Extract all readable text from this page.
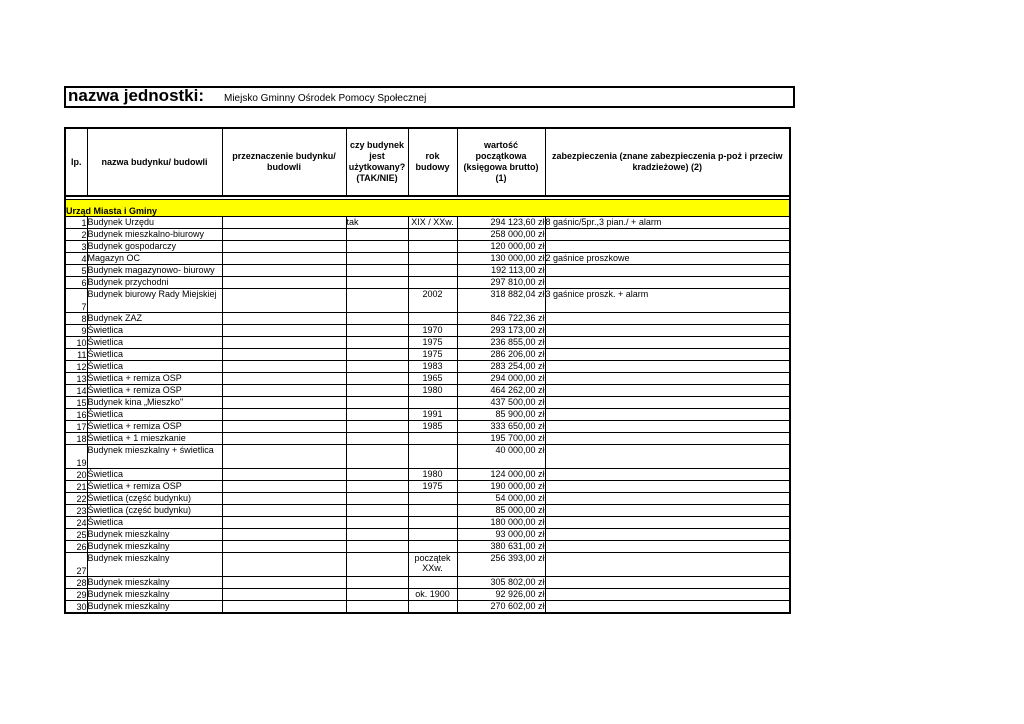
nazwa jednostki: Miejsko Gminny Ośrodek Pomocy Społecznej
lp.	nazwa budynku/ budowli	przeznaczenie budynku/ budowli	czy budynek jest użytkowany? (TAK/NIE)	rok budowy	wartość początkowa (księgowa brutto) (1)	zabezpieczenia (znane zabezpieczenia p-poż i przeciw kradzieżowe) (2)

Urząd Miasta i Gminy						
1	Budynek Urzędu		tak	XIX / XXw.	294 123,60 zł	8 gaśnic/5pr.,3 pian./ + alarm
2	Budynek mieszkalno-biurowy				258 000,00 zł	
3	Budynek gospodarczy				120 000,00 zł	
4	Magazyn OC				130 000,00 zł	2 gaśnice proszkowe
5	Budynek magazynowo- biurowy				192 113,00 zł	
6	Budynek przychodni				297 810,00 zł	
7	Budynek biurowy Rady Miejskiej			2002	318 882,04 zł	3 gaśnice proszk. + alarm
8	Budynek ZAZ				846 722,36 zł	
9	Świetlica			1970	293 173,00 zł	
10	Świetlica			1975	236 855,00 zł	
11	Świetlica			1975	286 206,00 zł	
12	Świetlica			1983	283 254,00 zł	
13	Świetlica + remiza OSP			1965	294 000,00 zł	
14	Świetlica + remiza OSP			1980	464 262,00 zł	
15	Budynek kina „Mieszko"				437 500,00 zł	
16	Świetlica			1991	85 900,00 zł	
17	Świetlica + remiza OSP			1985	333 650,00 zł	
18	Świetlica + 1 mieszkanie				195 700,00 zł	
19	Budynek mieszkalny + świetlica				40 000,00 zł	
20	Świetlica			1980	124 000,00 zł	
21	Świetlica + remiza OSP			1975	190 000,00 zł	
22	Świetlica (część budynku)				54 000,00 zł	
23	Świetlica (część budynku)				85 000,00 zł	
24	Świetlica				180 000,00 zł	
25	Budynek mieszkalny				93 000,00 zł	
26	Budynek mieszkalny				380 631,00 zł	
27	Budynek mieszkalny			początek XXw.	256 393,00 zł	
28	Budynek mieszkalny				305 802,00 zł	
29	Budynek mieszkalny			ok. 1900	92 926,00 zł	
30	Budynek mieszkalny				270 602,00 zł	
